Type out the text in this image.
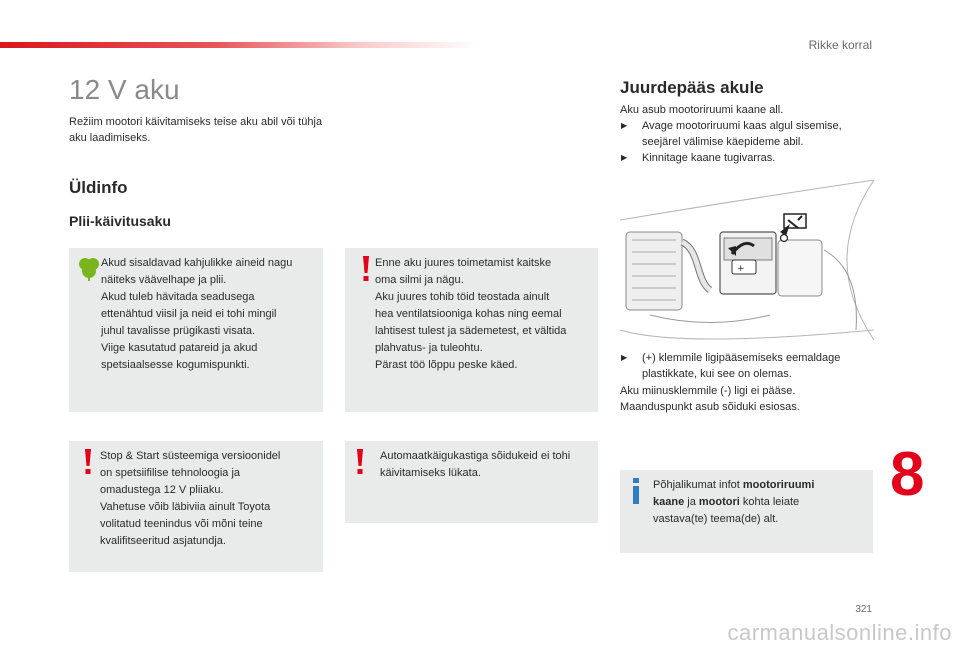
Rikke korral
12 V aku

Režiim mootori käivitamiseks teise aku abil või tühja aku laadimiseks.

Üldinfo
Plii-käivitusaku

Akud sisaldavad kahjulikke aineid nagu

näiteks väävelhape ja plii.

Akud tuleb hävitada seadusega

ettenähtud viisil ja neid ei tohi mingil

juhul tavalisse prügikasti visata.

Viige kasutatud patareid ja akud

spetsiaalsesse kogumispunkti.

Enne aku juures toimetamist kaitske

oma silmi ja nägu.

Aku juures tohib töid teostada ainult

hea ventilatsiooniga kohas ning eemal

lahtisest tulest ja sädemetest, et vältida

plahvatus- ja tuleohtu.

Pärast töö lõppu peske käed.

Stop & Start süsteemiga versioonidel

on spetsiifilise tehnoloogia ja

omadustega 12 V pliiaku.

Vahetuse võib läbiviia ainult Toyota

volitatud teenindus või mõni teine

kvalifitseeritud asjatundja.

Automaatkäigukastiga sõidukeid ei tohi

käivitamiseks lükata.

Juurdepääs akule

Aku asub mootoriruumi kaane all.

▶ Avage mootoriruumi kaas algul sisemise, seejärel välimise käepideme abil.
▶ Kinnitage kaane tugivarras.
+
▶ (+) klemmile ligipääsemiseks eemaldage plastikkate, kui see on olemas.

Aku miinusklemmile (-) ligi ei pääse.

Maanduspunkt asub sõiduki esiosas.

Põhjalikumat infot mootoriruumi

kaane ja mootori kohta leiate

vastava(te) teema(de) alt.

8
321
carmanualsonline.info
